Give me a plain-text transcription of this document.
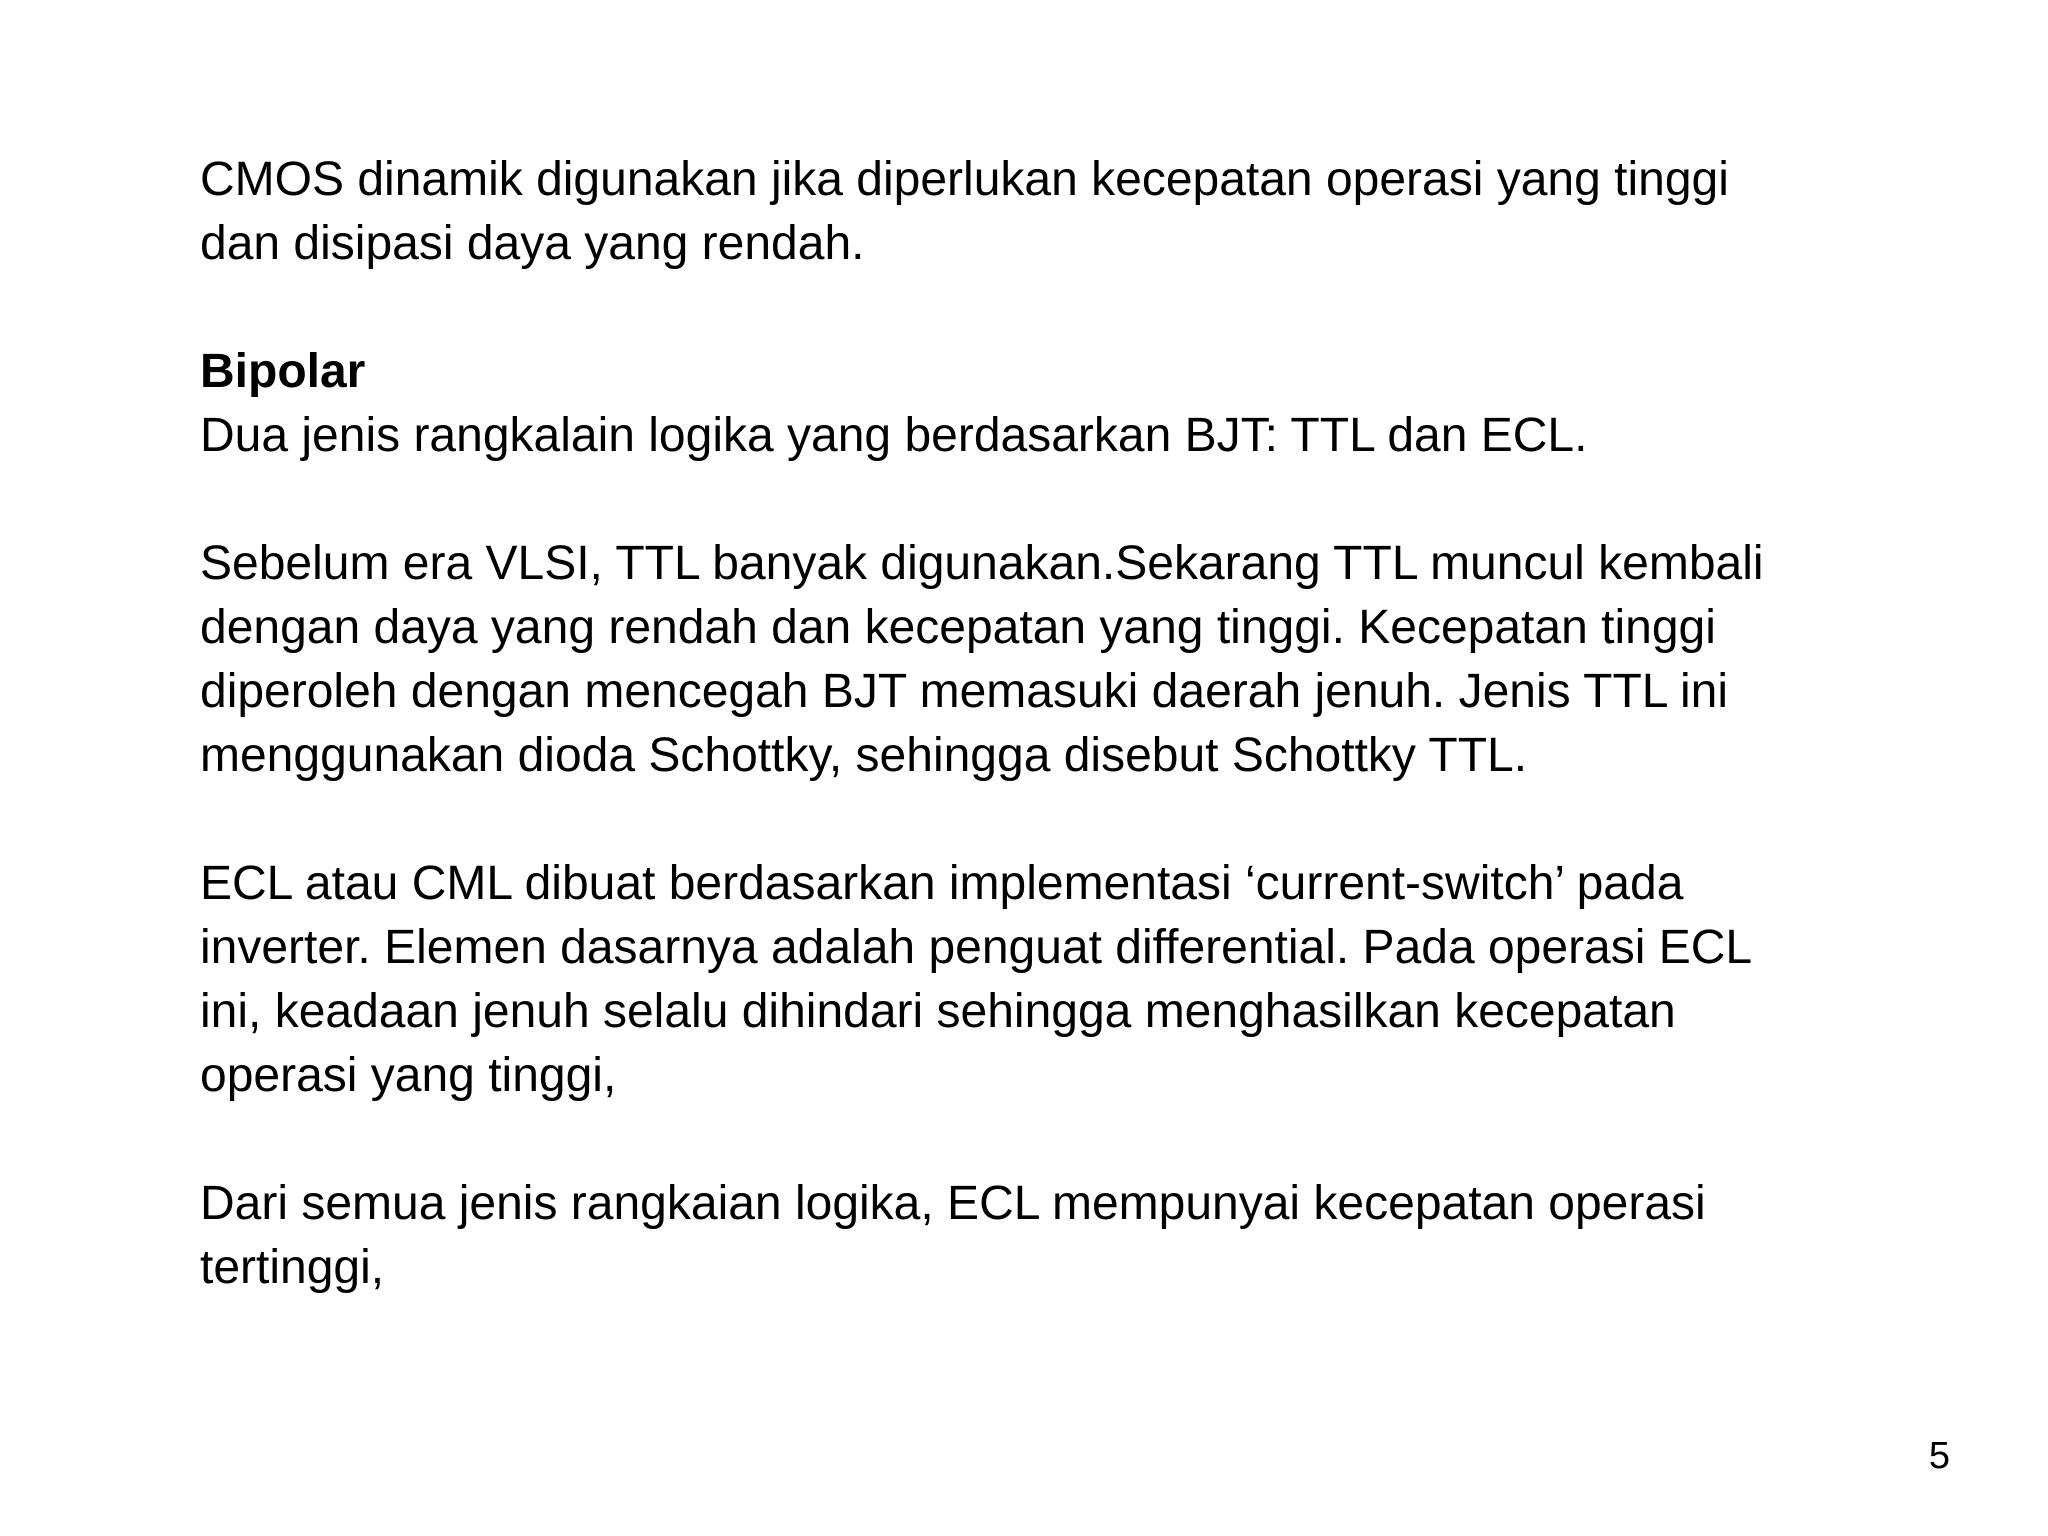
CMOS dinamik digunakan jika diperlukan kecepatan operasi yang tinggi

dan disipasi daya yang rendah.

Bipolar

Dua jenis rangkalain logika yang berdasarkan BJT: TTL dan ECL.

Sebelum era VLSI, TTL banyak digunakan.Sekarang TTL muncul kembali

dengan daya yang rendah dan kecepatan yang tinggi. Kecepatan tinggi

diperoleh dengan mencegah BJT memasuki daerah jenuh. Jenis TTL ini

menggunakan dioda Schottky, sehingga disebut Schottky TTL.

ECL atau CML dibuat berdasarkan implementasi ‘current-switch’ pada

inverter. Elemen dasarnya adalah penguat differential. Pada operasi ECL

ini, keadaan jenuh selalu dihindari sehingga menghasilkan kecepatan

operasi yang tinggi,

Dari semua jenis rangkaian logika, ECL mempunyai kecepatan operasi

tertinggi,

5
